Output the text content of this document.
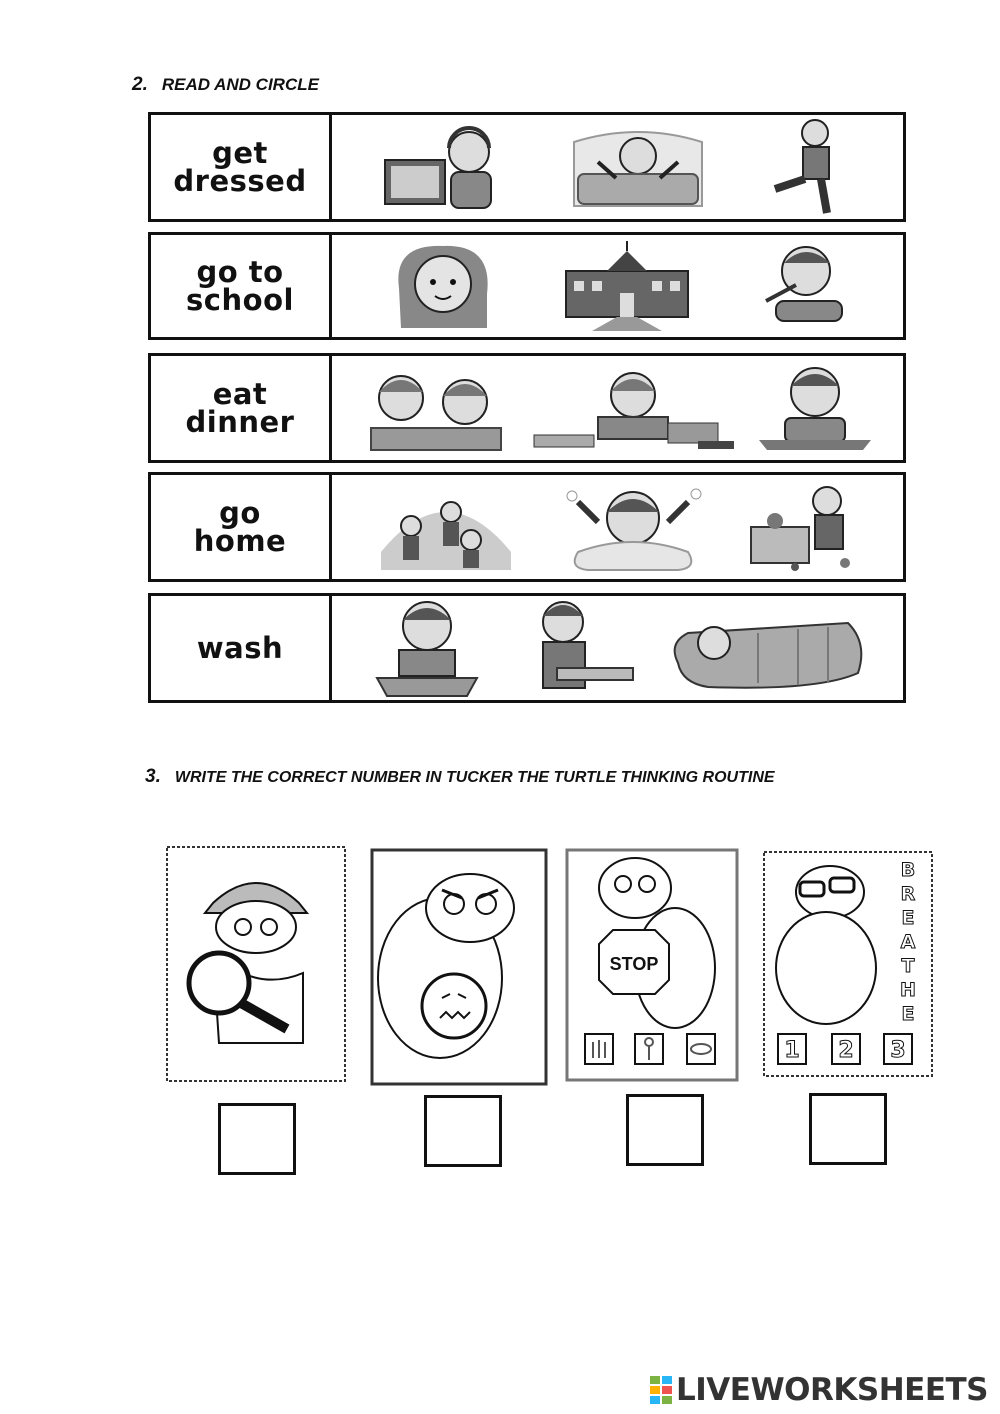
2. READ AND CIRCLE
get
dressed
go to
school
eat
dinner
go
home
wash
3. WRITE THE CORRECT NUMBER IN TUCKER THE TURTLE THINKING ROUTINE
STOP
B
R
E
A
T
H
E
1 2 3
LIVEWORKSHEETS
